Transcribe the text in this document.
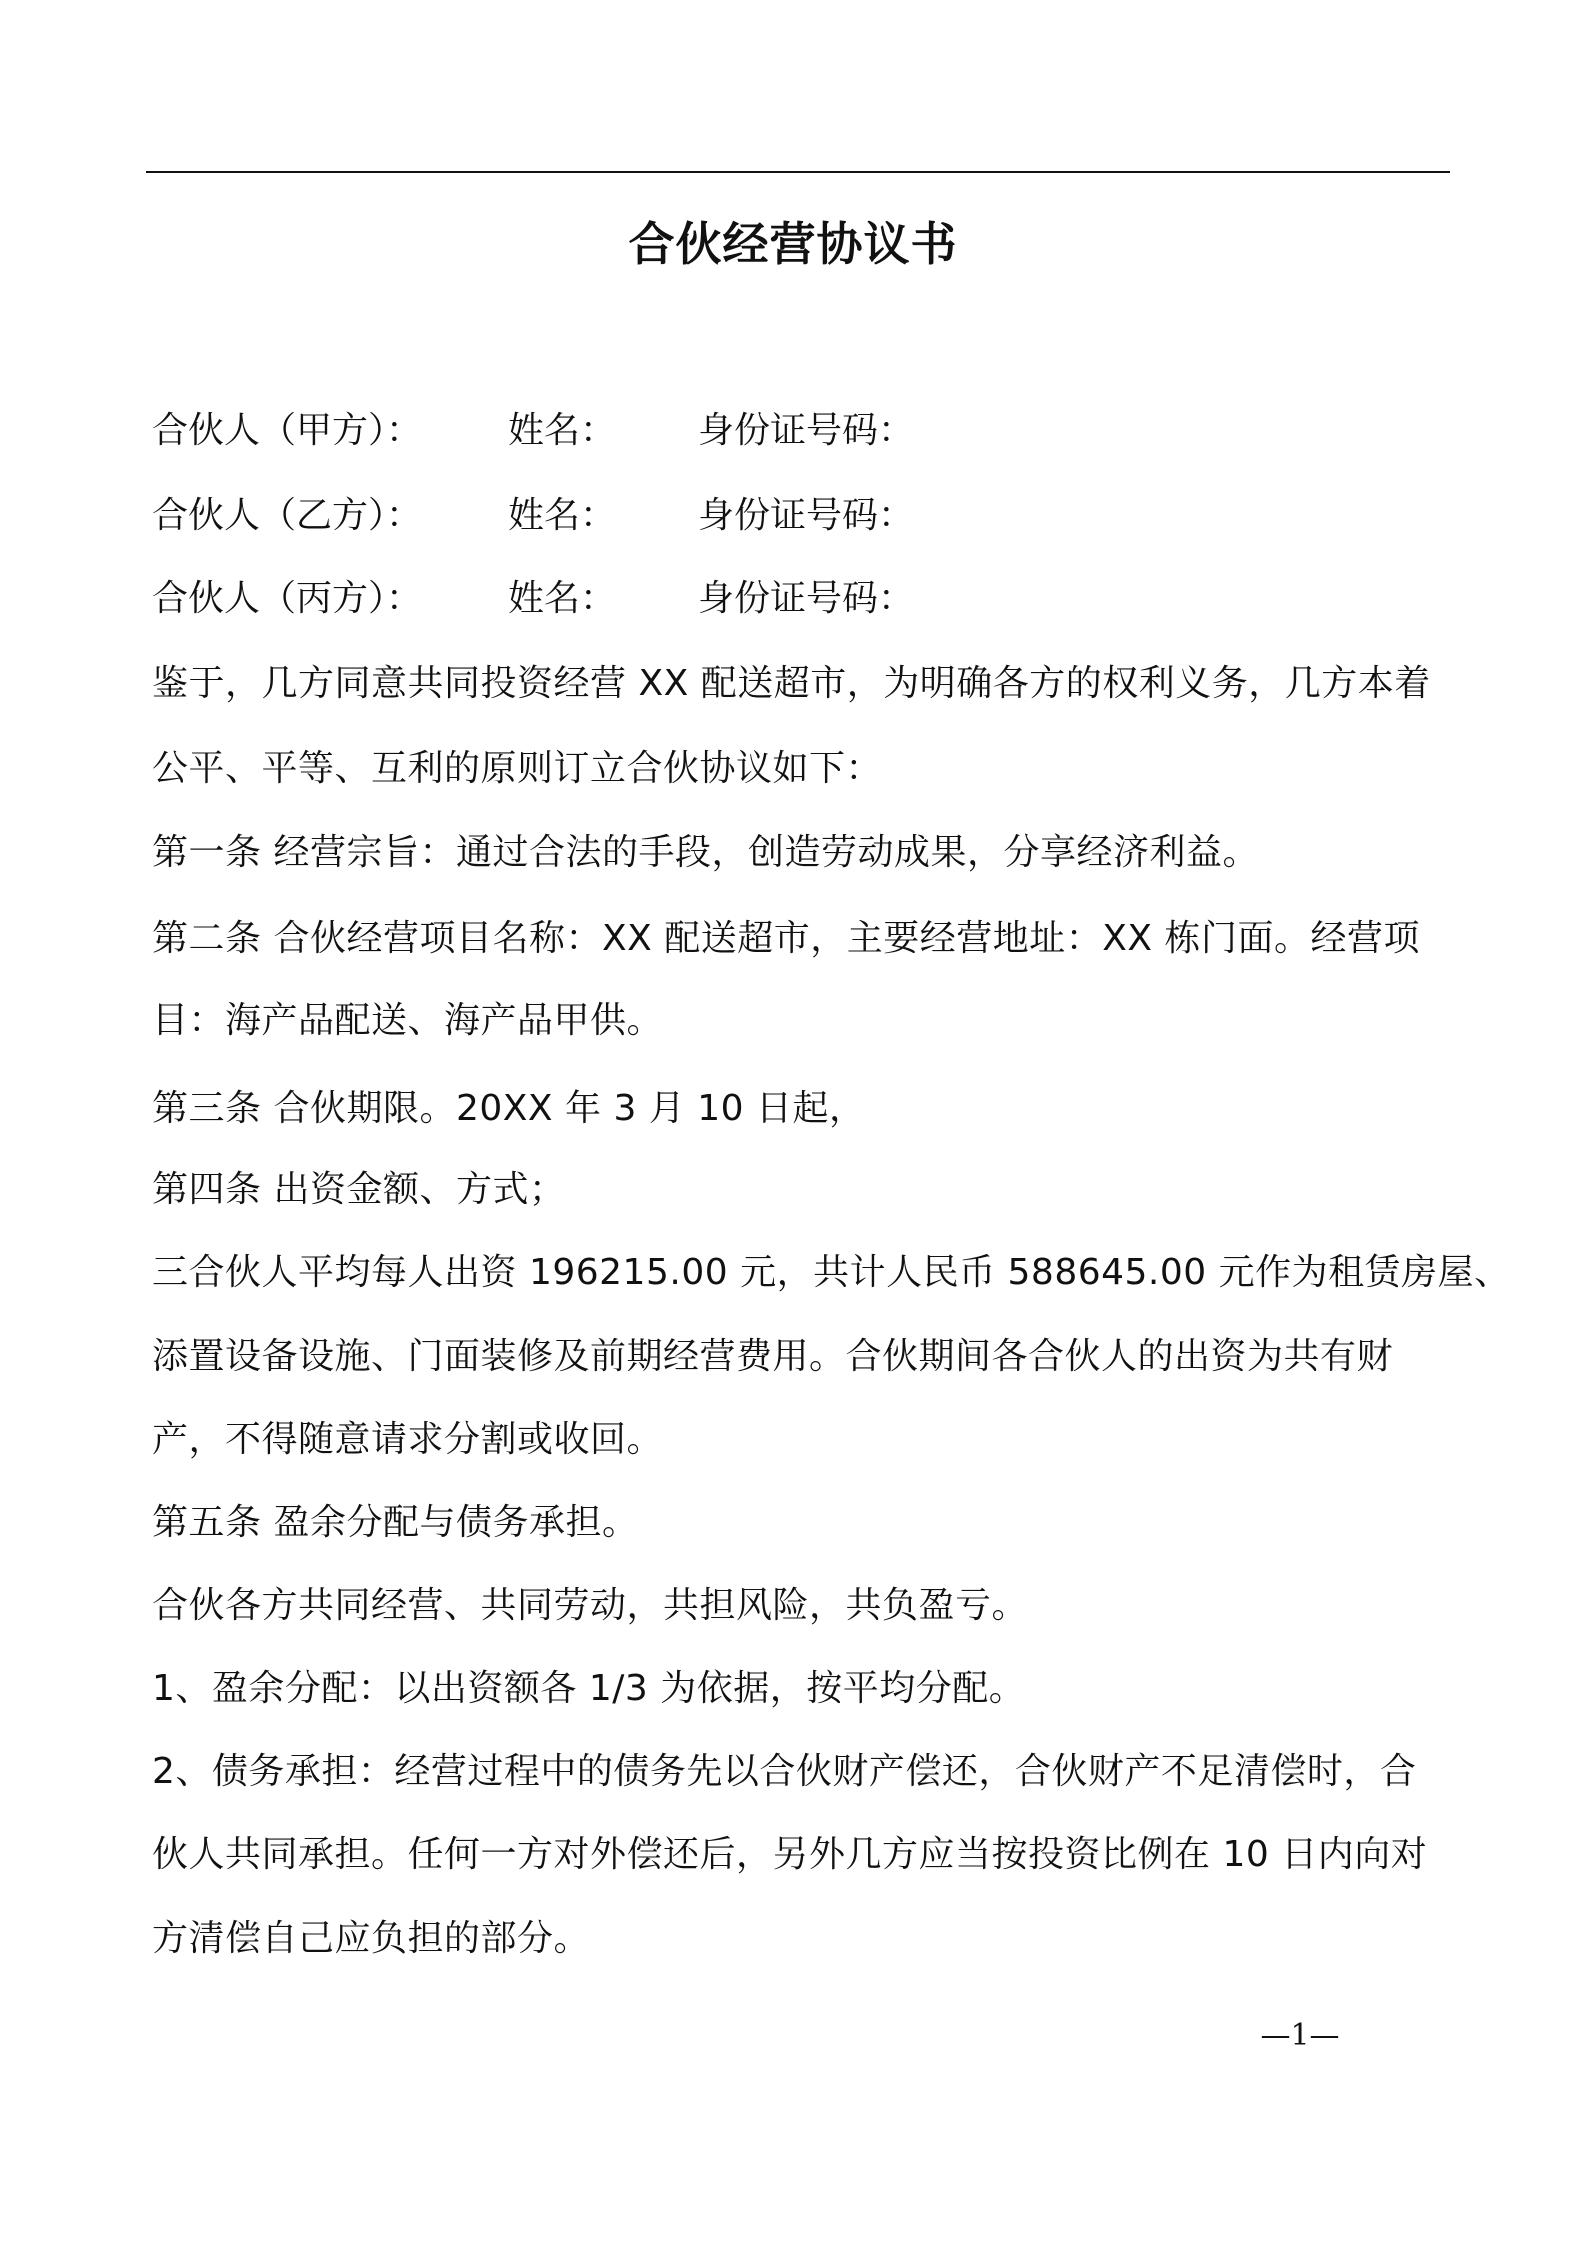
合伙经营协议书
合伙人（甲方）： 姓名： 身份证号码：
合伙人（乙方）： 姓名： 身份证号码：
合伙人（丙方）： 姓名： 身份证号码：
鉴于，几方同意共同投资经营 XX 配送超市，为明确各方的权利义务，几方本着
公平、平等、互利的原则订立合伙协议如下：
第一条 经营宗旨：通过合法的手段，创造劳动成果，分享经济利益。
第二条 合伙经营项目名称：XX 配送超市，主要经营地址：XX 栋门面。经营项
目：海产品配送、海产品甲供。
第三条 合伙期限。20XX 年 3 月 10 日起，
第四条 出资金额、方式；
三合伙人平均每人出资 196215.00 元，共计人民币 588645.00 元作为租赁房屋、
添置设备设施、门面装修及前期经营费用。合伙期间各合伙人的出资为共有财
产，不得随意请求分割或收回。
第五条 盈余分配与债务承担。
合伙各方共同经营、共同劳动，共担风险，共负盈亏。
1、盈余分配：以出资额各 1/3 为依据，按平均分配。
2、债务承担：经营过程中的债务先以合伙财产偿还，合伙财产不足清偿时，合
伙人共同承担。任何一方对外偿还后，另外几方应当按投资比例在 10 日内向对
方清偿自己应负担的部分。
—1—
